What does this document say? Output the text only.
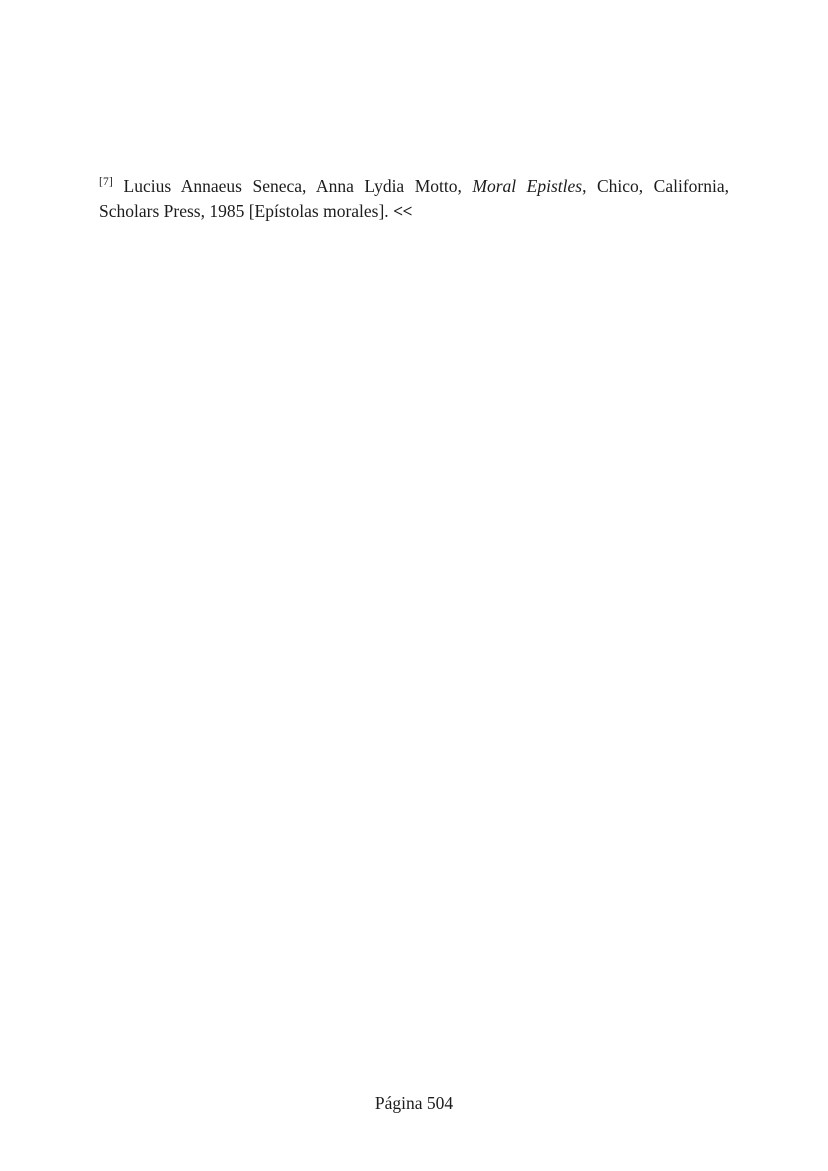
[7] Lucius Annaeus Seneca, Anna Lydia Motto, Moral Epistles, Chico, California, Scholars Press, 1985 [Epístolas morales]. <<
Página 504
